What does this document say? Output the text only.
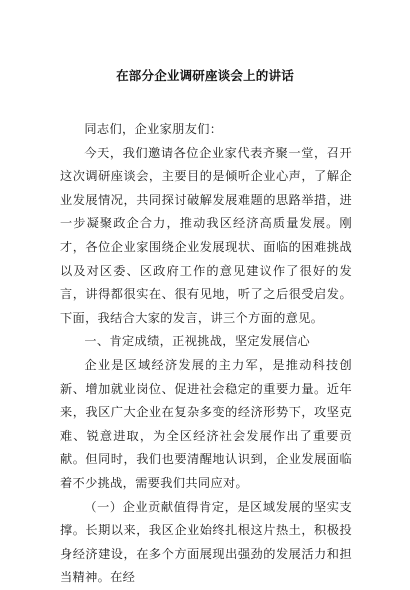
在部分企业调研座谈会上的讲话

同志们，企业家朋友们：

今天，我们邀请各位企业家代表齐聚一堂，召开这次调研座谈会，主要目的是倾听企业心声，了解企业发展情况，共同探讨破解发展难题的思路举措，进一步凝聚政企合力，推动我区经济高质量发展。刚才，各位企业家围绕企业发展现状、面临的困难挑战以及对区委、区政府工作的意见建议作了很好的发言，讲得都很实在、很有见地，听了之后很受启发。下面，我结合大家的发言，讲三个方面的意见。

一、肯定成绩，正视挑战，坚定发展信心

企业是区域经济发展的主力军，是推动科技创新、增加就业岗位、促进社会稳定的重要力量。近年来，我区广大企业在复杂多变的经济形势下，攻坚克难、锐意进取，为全区经济社会发展作出了重要贡献。但同时，我们也要清醒地认识到，企业发展面临着不少挑战，需要我们共同应对。

（一）企业贡献值得肯定，是区域发展的坚实支撑。长期以来，我区企业始终扎根这片热土，积极投身经济建设，在多个方面展现出强劲的发展活力和担当精神。在经
